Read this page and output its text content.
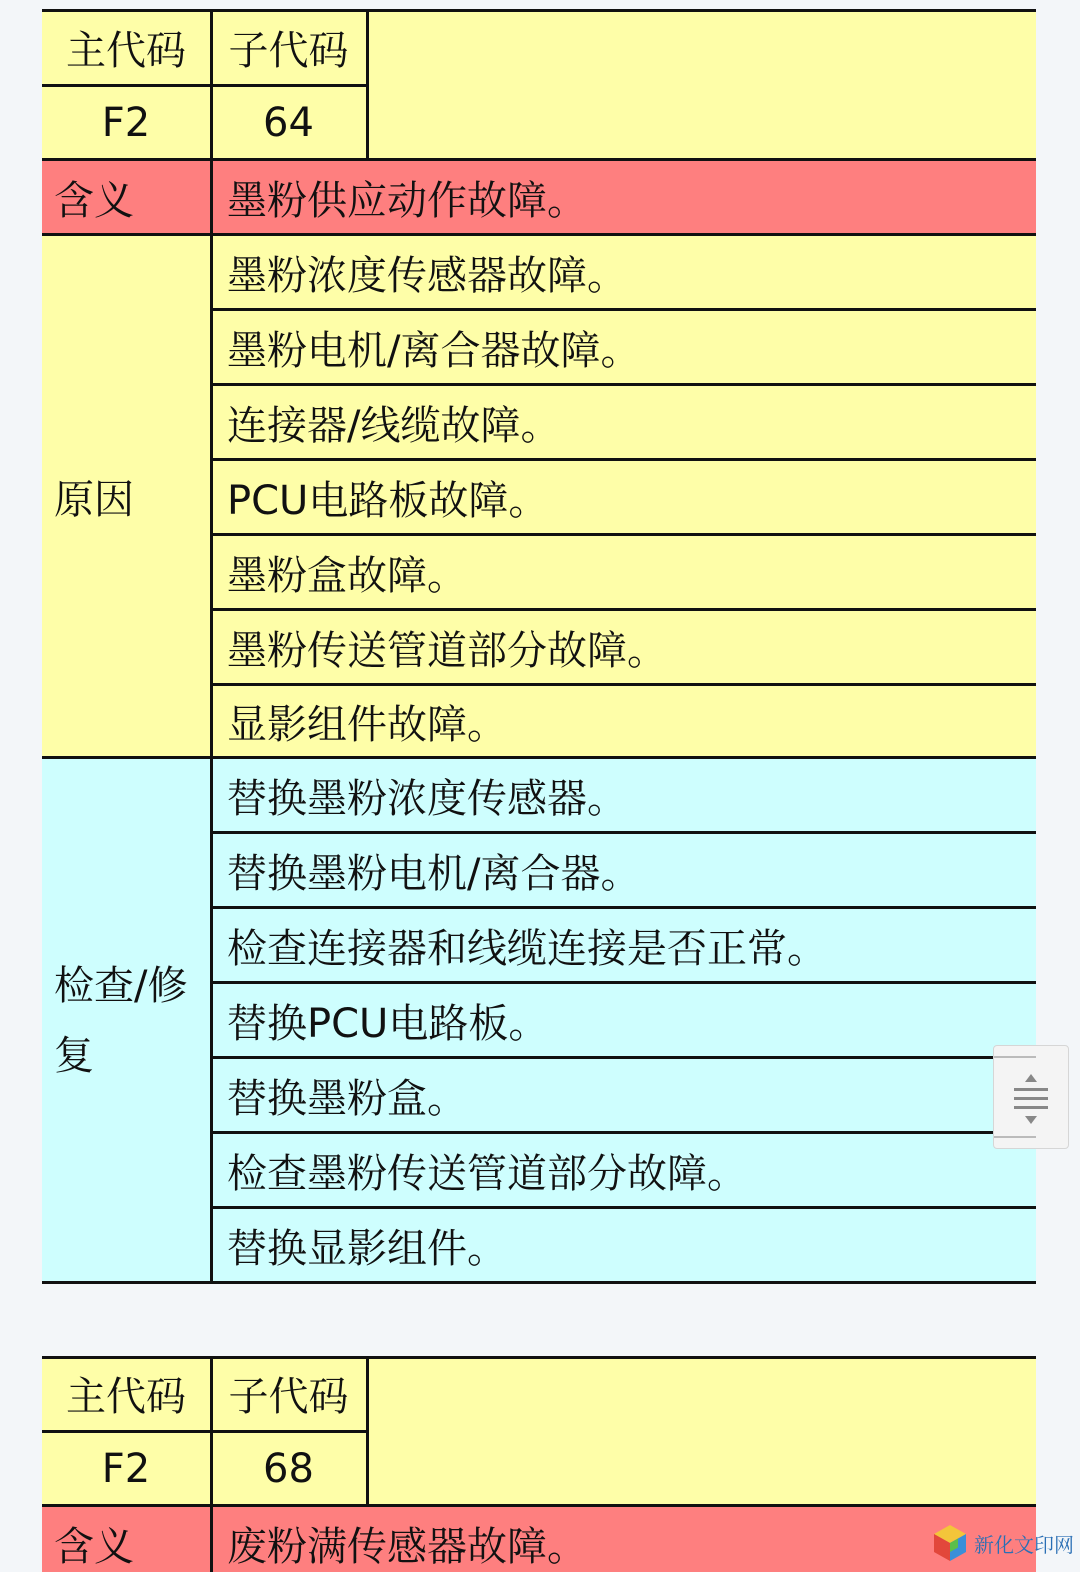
主代码	子代码
F2	64
含义	墨粉供应动作故障。
原因
墨粉浓度传感器故障。
墨粉电机/离合器故障。
连接器/线缆故障。
PCU电路板故障。
墨粉盒故障。
墨粉传送管道部分故障。
显影组件故障。
检查/修复
替换墨粉浓度传感器。
替换墨粉电机/离合器。
检查连接器和线缆连接是否正常。
替换PCU电路板。
替换墨粉盒。
检查墨粉传送管道部分故障。
替换显影组件。
主代码	子代码
F2	68
含义	废粉满传感器故障。	新化文印网
